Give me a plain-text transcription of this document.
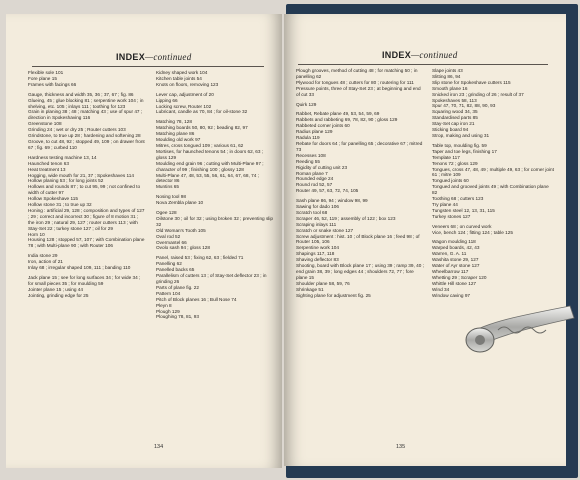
INDEX—continued
Flexible sole 101
Fore plane 15
Frames with facings 66
Gauge, thickness and width 35, 36 ; 37, 67 ; fig. 86
Glueing, 45 ; glue blocking 81 ; serpentine work 104 ; in shelving, etc. 105 ; inlays 111 ; toothing for 123
Grain in planing 38 ; 48 ; matching 43 ; use of spur 47 ; direction in Spokeshaving 116
Greenstone 108
Grinding 24 ; wet or dry 25 ; Router cutters 103
Grindstone, to true up 28 ; hardening and softening 28
Groove, to cut 48, 92 ; stopped 49, 109 ; on drawer front 67 ; fig. 69 ; curbed 110
Hardness testing machine 13, 14
Haunched tenon 63
Heat treatment 13
Hogging, wide mouth for 21, 37 ; Spokeshaves 114
Hollow planing 53 ; for long joints 52
Hollows and rounds 87 ; to cut 95, 99 ; not confined to width of cutter 97
Hollow Spokeshave 115
Hollow stone 31 ; to true up 32
Honing : artificial 29, 128 ; composition and types of 127 ; 29 ; correct and incorrect 30 ; figure of 8 motion 31 ; the iron 29 ; natural 29, 127 ; router cutters 113 ; with Stay-Set 22 ; turkey stone 127 ; oil for 29
Horn 10
Housing 128 ; stopped 57, 107 ; with Combination plane 78 ; with Multi-plane 90 ; with Router 106
India stone 29
Iron, action of 21
Inlay 68 ; irregular shaped 109, 111 ; banding 110
Jack plane 15 ; see for long surfaces 34 ; for wide 34 ; for small pieces 35 ; for moulding 59
Jointer plane 15 ; using 44
Jointing, grinding edge for 25
Kidney shaped work 104
Kitchen table joints 54
Knots on floors, removing 123
Lever cap, adjustment of 20
Lipping 66
Locking screw, Router 102
Lubricant, candle as 70, 84 ; for oil-stone 32
Matching 78, 128
Matching boards 50, 80, 92 ; beading 82, 97
Matching plane 86
Moulding old work 97
Mitres, cross tongued 109 ; various 61, 62
Mortises, for haunched tenons 54 ; in doors 62, 63 ; gloss 129
Moulding end grain 96 ; cutting with Multi-Plane 97 ; character of 99 ; finishing 100 ; glossy 128
Multi-Plane 47, 48, 53, 55, 56, 61, 64, 67, 68, 74 ; detector 86
Muntins 65
Nosing tool 98
Nova Zembla plane 10
Ogee 128
Oilstone 30 ; oil for 32 ; using broken 32 ; preventing slip 32
Old Woman's Tooth 105
Oval rod 52
Overmantel 66
Ovolo sash 94 ; gloss 128
Panel, raised 53 ; fixing 62, 63 ; fielded 71
Panelling 62
Panelled backs 65
Parallelism of cutters 13 ; of Stay-Set deflector 23 ; in grinding 26
Parts of plane fig. 22
Pattern 104
Pitch of Block planes 16 ; Bull Nose 74
Pleyn 8
Plough 129
Ploughing 78, 81, 93
134
INDEX—continued
Plough grooves, method of cutting 48 ; for matching 50 ; in panelling 62
Plywood for tongues 48 ; cutters for 80 ; routering for 111
Pressure points, three of Stay-Set 23 ; at beginning and end of cut 33
Quirk 129
Rabbet, Rebate plane 49, 53, 54, 59, 69
Rabbets and rabbeting 69, 78, 82, 90 ; gloss 129
Rabbeted corner joints 60
Radius plane 129
Radula 119
Rebate for doors 64 ; for panelling 65 ; decorative 67 ; mitred 73
Recesses 108
Reeding 55
Rigidity of cutting unit 23
Roman plane 7
Rounded edge 24
Round rod 52, 57
Router 49, 57, 63, 72, 74, 105
Sash plane 86, 94 ; window 98, 99
Sawing for dado 106
Scratch tool 68
Scraper 46, 52, 119 ; assembly of 122 ; box 123
Scraping inlays 111
Scratch or snake stone 127
Screw adjustment : hist. 10 ; of Block plane 16 ; feed 98 ; of Router 105, 106
Serpentine work 104
Shapings 117, 118
Shaving deflector 83
Shooting, board with Block plane 17 ; using 39 ; ramp 39, 40 ; end grain 38, 39 ; long edges 44 ; shoulders 72, 77 ; fore plane 15
Shoulder plane 58, 59, 76
Shrinkage 51
Sighting plane for adjustment fig. 25
Slape joints 43
Slitting 86, 94
Slip stone for Spokeshave cutters 115
Smooth plane 16
Snicked iron 23 ; grinding of 26 ; result of 37
Spokeshaves 58, 113
Spur 47, 70, 71, 82, 88, 90, 93
Squaring wood 34, 35
Standardised parts 85
Stay-Set cap iron 21
Sticking board 94
Strop, making and using 31
Table top, moulding fig. 59
Taper and toe legs, finishing 17
Template 117
Tenons 72 ; gloss 129
Tongues, cross 47, 48, 49 ; multiple 49, 63 ; for corner joint 61 ; mitre 109
Tongued joints 60
Tongued and grooved joints 49 ; with Combination plane 82
Toothing 68 ; cutters 123
Try plane 44
Tungsten steel 12, 13, 31, 115
Turkey stones 127
Veneers 68 ; on curved work
Vice, bench 124 ; fitting 124 ; table 125
Wagon moulding 118
Warped boards, 42, 43
Warren, G. A. 11
Washita stone 29, 127
Water of Ayr stone 127
Wheelbarrow 117
Whetting 29 ; Scraper 120
Whittle Hill stone 127
Wind 34
Window caving 97
135
